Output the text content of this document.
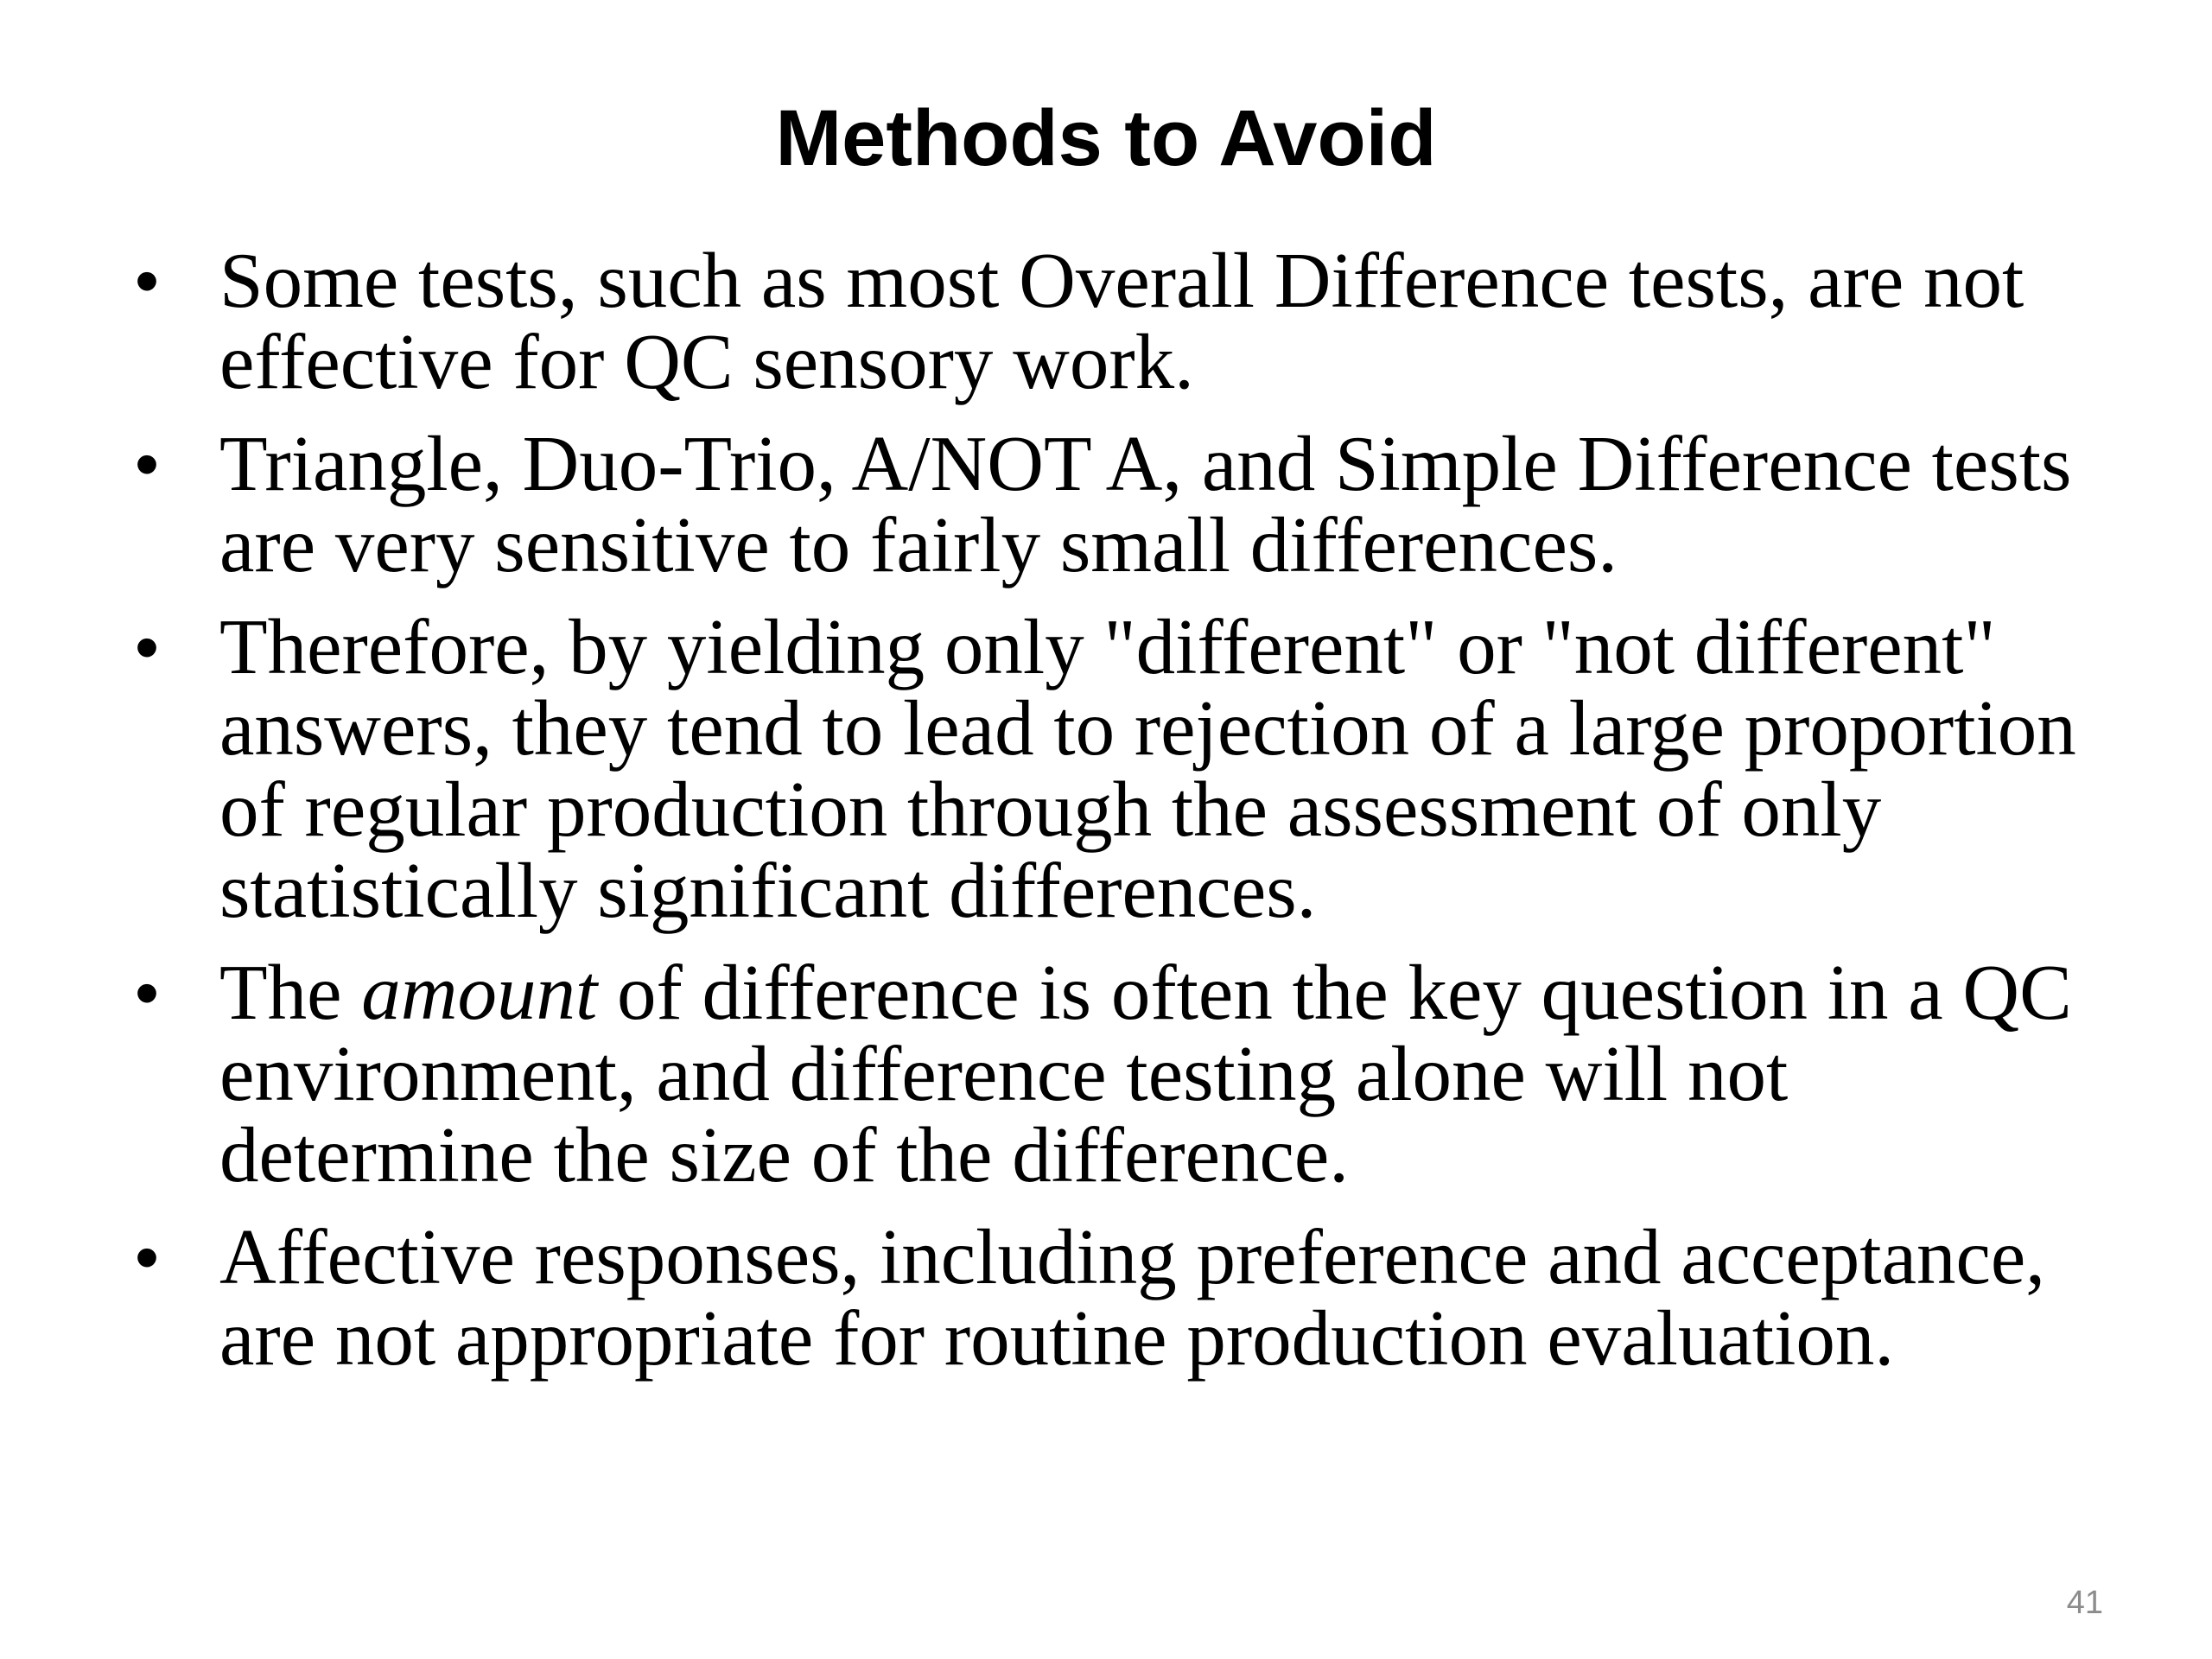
Methods to Avoid
• Some tests, such as most Overall Difference tests, are not effective for QC sensory work.
• Triangle, Duo-Trio, A/NOT A, and Simple Difference tests are very sensitive to fairly small differences.
• Therefore, by yielding only "different" or "not different" answers, they tend to lead to rejection of a large proportion of regular production through the assessment of only statistically significant differences.
• The amount of difference is often the key question in a QC environment, and difference testing alone will not determine the size of the difference.
• Affective responses, including preference and acceptance, are not appropriate for routine production evaluation.
41
